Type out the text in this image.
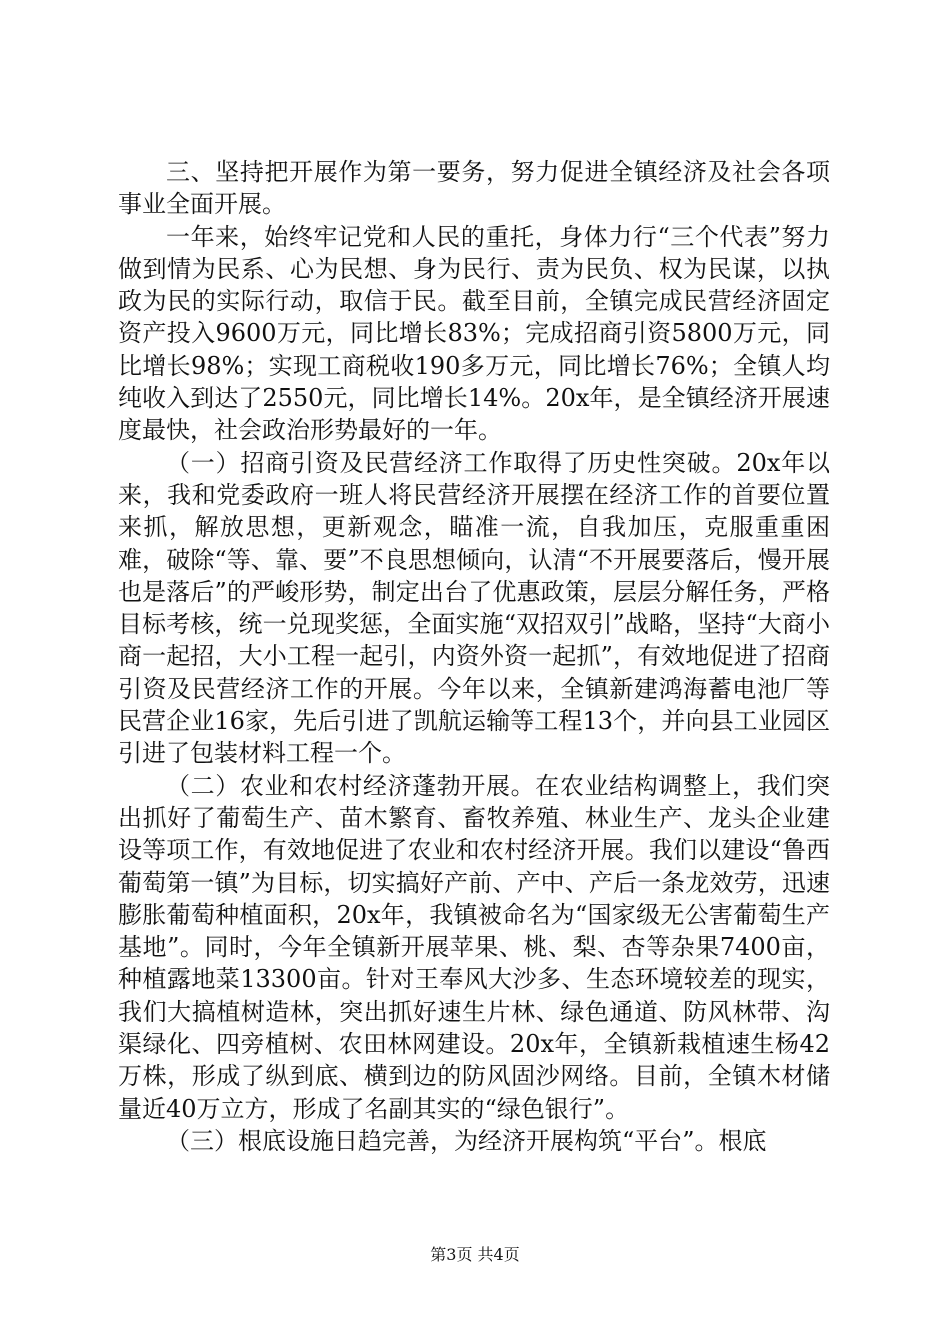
三、坚持把开展作为第一要务，努力促进全镇经济及社会各项事业全面开展。

一年来，始终牢记党和人民的重托，身体力行“三个代表”努力做到情为民系、心为民想、身为民行、责为民负、权为民谋，以执政为民的实际行动，取信于民。截至目前，全镇完成民营经济固定资产投入9600万元，同比增长83%；完成招商引资5800万元，同比增长98%；实现工商税收190多万元，同比增长76%；全镇人均纯收入到达了2550元，同比增长14%。20x年，是全镇经济开展速度最快，社会政治形势最好的一年。

（一）招商引资及民营经济工作取得了历史性突破。20x年以来，我和党委政府一班人将民营经济开展摆在经济工作的首要位置来抓，解放思想，更新观念，瞄准一流，自我加压，克服重重困难，破除“等、靠、要”不良思想倾向，认清“不开展要落后，慢开展也是落后”的严峻形势，制定出台了优惠政策，层层分解任务，严格目标考核，统一兑现奖惩，全面实施“双招双引”战略，坚持“大商小商一起招，大小工程一起引，内资外资一起抓”，有效地促进了招商引资及民营经济工作的开展。今年以来，全镇新建鸿海蓄电池厂等民营企业16家，先后引进了凯航运输等工程13个，并向县工业园区引进了包装材料工程一个。

（二）农业和农村经济蓬勃开展。在农业结构调整上，我们突出抓好了葡萄生产、苗木繁育、畜牧养殖、林业生产、龙头企业建设等项工作，有效地促进了农业和农村经济开展。我们以建设“鲁西葡萄第一镇”为目标，切实搞好产前、产中、产后一条龙效劳，迅速膨胀葡萄种植面积，20x年，我镇被命名为“国家级无公害葡萄生产基地”。同时，今年全镇新开展苹果、桃、梨、杏等杂果7400亩，种植露地菜13300亩。针对王奉风大沙多、生态环境较差的现实，我们大搞植树造林，突出抓好速生片林、绿色通道、防风林带、沟渠绿化、四旁植树、农田林网建设。20x年，全镇新栽植速生杨42万株，形成了纵到底、横到边的防风固沙网络。目前，全镇木材储量近40万立方，形成了名副其实的“绿色银行”。

（三）根底设施日趋完善，为经济开展构筑“平台”。根底

第3页 共4页
